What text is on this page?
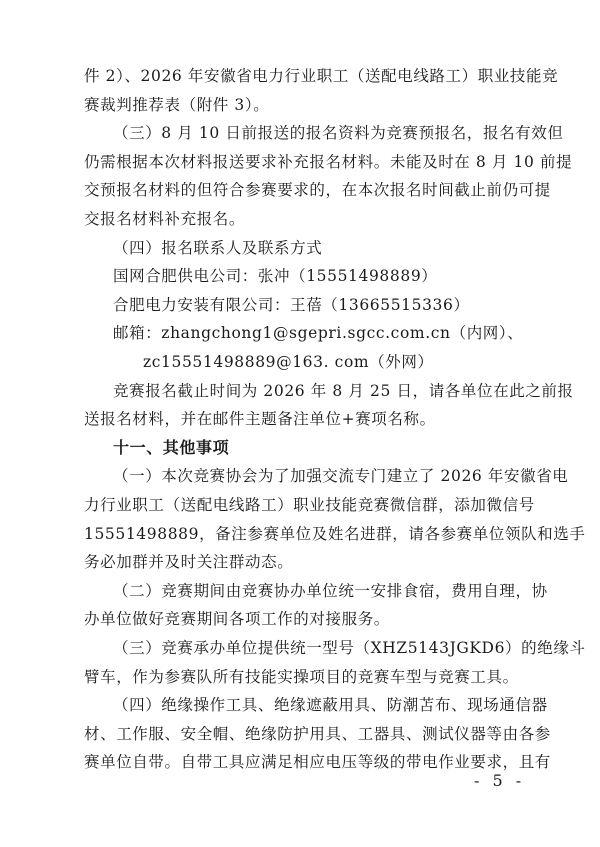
件 2）、2026 年安徽省电力行业职工（送配电线路工）职业技能竞
赛裁判推荐表（附件 3）。
（三）8 月 10 日前报送的报名资料为竞赛预报名，报名有效但
仍需根据本次材料报送要求补充报名材料。未能及时在 8 月 10 前提
交预报名材料的但符合参赛要求的，在本次报名时间截止前仍可提
交报名材料补充报名。
（四）报名联系人及联系方式
国网合肥供电公司：张冲（15551498889）
合肥电力安装有限公司：王蓓（13665515336）
邮箱：zhangchong1@sgepri.sgcc.com.cn（内网）、
zc15551498889@163. com（外网）
竞赛报名截止时间为 2026 年 8 月 25 日，请各单位在此之前报
送报名材料，并在邮件主题备注单位+赛项名称。
十一、其他事项
（一）本次竞赛协会为了加强交流专门建立了 2026 年安徽省电
力行业职工（送配电线路工）职业技能竞赛微信群，添加微信号
15551498889，备注参赛单位及姓名进群，请各参赛单位领队和选手
务必加群并及时关注群动态。
（二）竞赛期间由竞赛协办单位统一安排食宿，费用自理，协
办单位做好竞赛期间各项工作的对接服务。
（三）竞赛承办单位提供统一型号（XHZ5143JGKD6）的绝缘斗
臂车，作为参赛队所有技能实操项目的竞赛车型与竞赛工具。
（四）绝缘操作工具、绝缘遮蔽用具、防潮苫布、现场通信器
材、工作服、安全帽、绝缘防护用具、工器具、测试仪器等由各参
赛单位自带。自带工具应满足相应电压等级的带电作业要求，且有
- 5 -
